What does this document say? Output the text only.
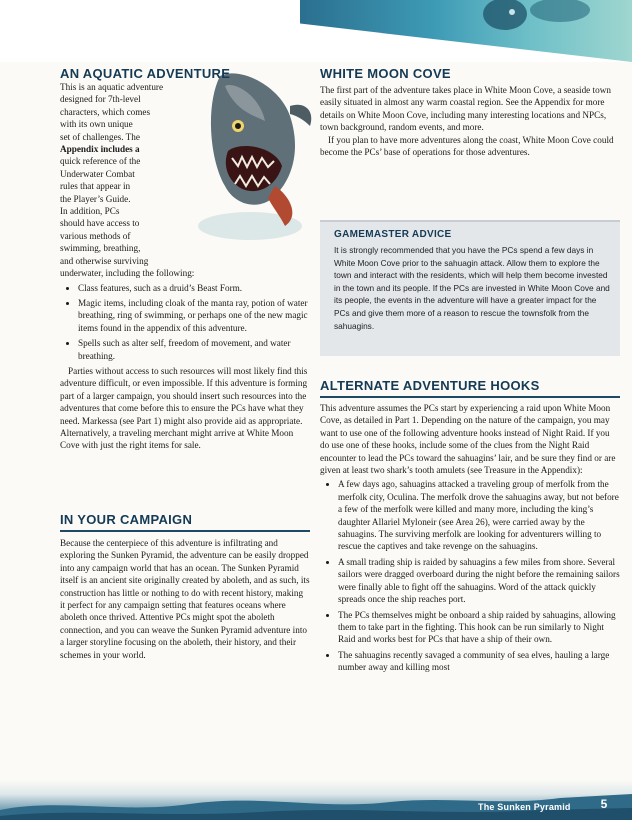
AN AQUATIC ADVENTURE
This is an aquatic adventure
designed for 7th-level
characters, which comes
with its own unique
set of challenges. The
Appendix includes a
quick reference of the
Underwater Combat
rules that appear in
the Player’s Guide.
In addition, PCs
should have access to
various methods of
swimming, breathing,
and otherwise surviving
underwater, including the following:
• Class features, such as a druid’s Beast Form.
• Magic items, including cloak of the manta ray, potion of water breathing, ring of swimming, or perhaps one of the new magic items found in the appendix of this adventure.
• Spells such as alter self, freedom of movement, and water breathing.

Parties without access to such resources will most likely find this adventure difficult, or even impossible. If this adventure is forming part of a larger campaign, you should insert such resources into the adventures that come before this to ensure the PCs have what they need. Markessa (see Part 1) might also provide aid as appropriate. Alternatively, a traveling merchant might arrive at White Moon Cove with just the right items for sale.

IN YOUR CAMPAIGN

Because the centerpiece of this adventure is infiltrating and exploring the Sunken Pyramid, the adventure can be easily dropped into any campaign world that has an ocean. The Sunken Pyramid itself is an ancient site originally created by aboleth, and as such, its construction has little or nothing to do with recent history, making it perfect for any campaign setting that features oceans where aboleth once thrived. Attentive PCs might spot the aboleth connection, and you can weave the Sunken Pyramid adventure into a larger storyline focusing on the aboleth, their history, and their schemes in your world.

WHITE MOON COVE

The first part of the adventure takes place in White Moon Cove, a seaside town easily situated in almost any warm coastal region. See the Appendix for more details on White Moon Cove, including many interesting locations and NPCs, town background, random events, and more.

If you plan to have more adventures along the coast, White Moon Cove could become the PCs’ base of operations for those adventures.

GAMEMASTER ADVICE

It is strongly recommended that you have the PCs spend a few days in White Moon Cove prior to the sahuagin attack. Allow them to explore the town and interact with the residents, which will help them become invested in the town and its people. If the PCs are invested in White Moon Cove and its people, the events in the adventure will have a greater impact for the PCs and give them more of a reason to rescue the townsfolk from the sahuagins.

ALTERNATE ADVENTURE HOOKS

This adventure assumes the PCs start by experiencing a raid upon White Moon Cove, as detailed in Part 1. Depending on the nature of the campaign, you may want to use one of the following adventure hooks instead of Night Raid. If you do use one of these hooks, include some of the clues from the Night Raid encounter to lead the PCs toward the sahuagins’ lair, and be sure they find or are given at least two shark’s tooth amulets (see Treasure in the Appendix):

• A few days ago, sahuagins attacked a traveling group of merfolk from the merfolk city, Oculina. The merfolk drove the sahuagins away, but not before a few of the merfolk were killed and many more, including the king’s daughter Allariel Myloneir (see Area 26), were carried away by the sahuagins. The surviving merfolk are looking for adventurers willing to rescue the captives and take revenge on the sahuagins.
• A small trading ship is raided by sahuagins a few miles from shore. Several sailors were dragged overboard during the night before the remaining sailors were finally able to fight off the sahuagins. Word of the attack quickly spreads once the ship reaches port.
• The PCs themselves might be onboard a ship raided by sahuagins, allowing them to take part in the fighting. This hook can be run similarly to Night Raid and works best for PCs that have a ship of their own.
• The sahuagins recently savaged a community of sea elves, hauling a large number away and killing most
The Sunken Pyramid	5
